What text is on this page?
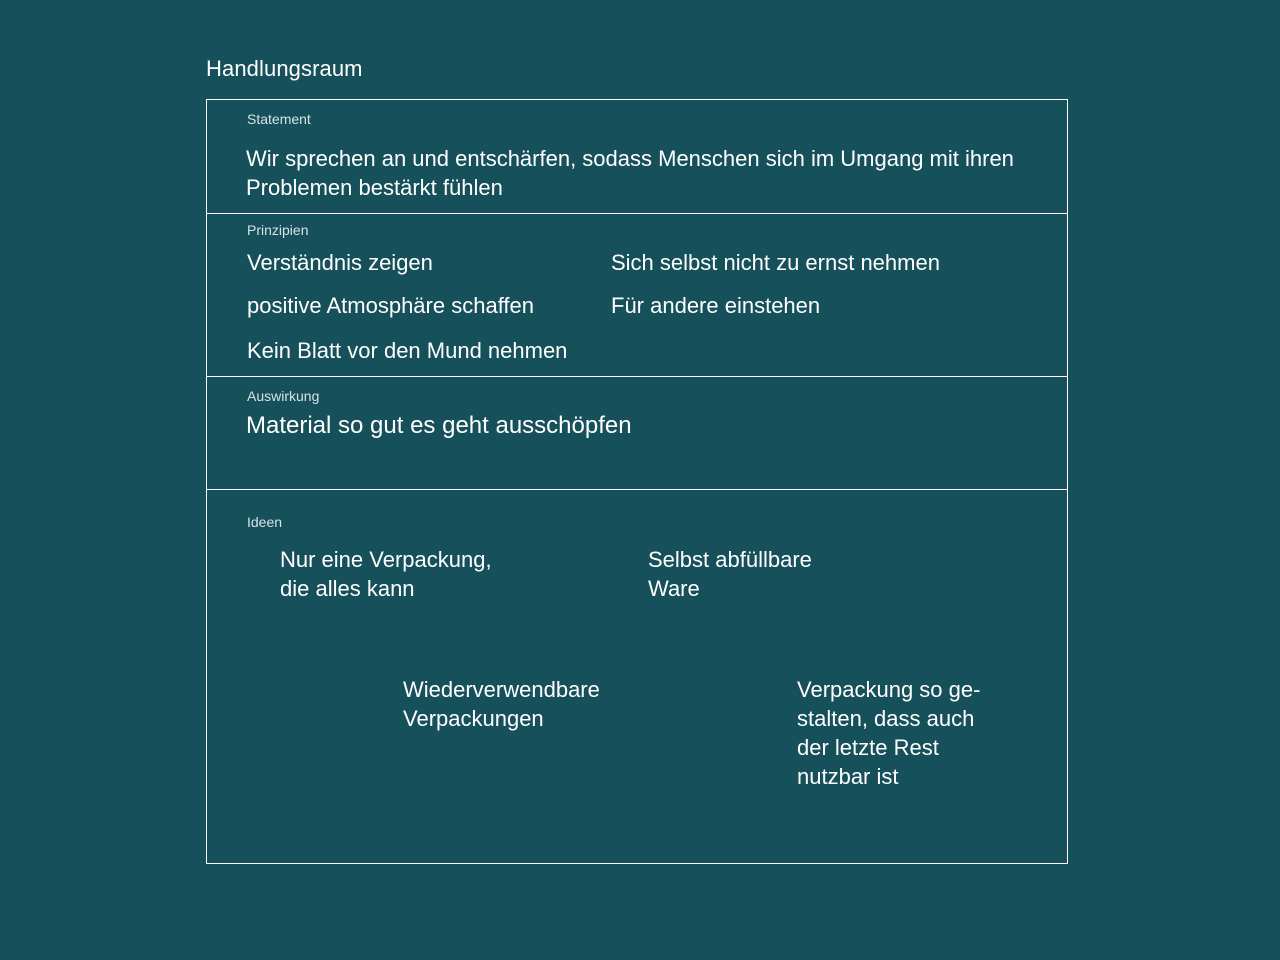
Handlungsraum
Statement
Wir sprechen an und entschärfen, sodass Menschen sich im Umgang mit ihren
Problemen bestärkt fühlen
Prinzipien
Verständnis zeigen	Sich selbst nicht zu ernst nehmen
positive Atmosphäre schaffen	Für andere einstehen
Kein Blatt vor den Mund nehmen
Auswirkung
Material so gut es geht ausschöpfen
Ideen
Nur eine Verpackung,
die alles kann
Selbst abfüllbare
Ware
Wiederverwendbare
Verpackungen
Verpackung so ge-
stalten, dass auch
der letzte Rest
nutzbar ist
